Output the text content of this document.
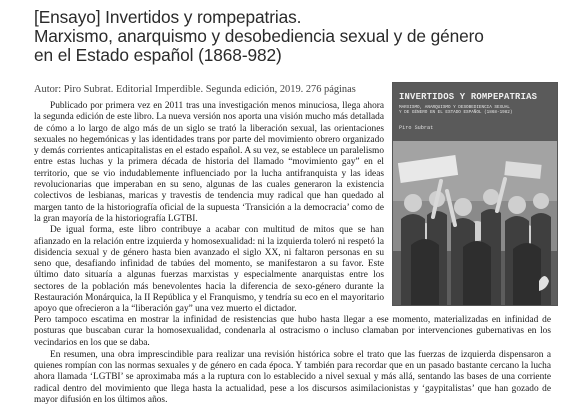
[Ensayo] Invertidos y rompepatrias.
Marxismo, anarquismo y desobediencia sexual y de género
en el Estado español (1868-982)
Autor: Piro Subrat. Editorial Imperdible. Segunda edición, 2019. 276 páginas

Publicado por primera vez en 2011 tras una investigación menos minuciosa, llega ahora la segunda edición de este libro. La nueva versión nos aporta una visión mucho más detallada de cómo a lo largo de algo más de un siglo se trató la liberación sexual, las orientaciones sexuales no hegemónicas y las identidades trans por parte del movimiento obrero organizado y demás corrientes anticapitalistas en el estado español. A su vez, se establece un paralelismo entre estas luchas y la primera década de historia del llamado “movimiento gay” en el territorio, que se vio indudablemente influenciado por la lucha antifranquista y las ideas revolucionarias que imperaban en su seno, algunas de las cuales generaron la existencia colectivos de lesbianas, maricas y travestis de tendencia muy radical que han quedado al margen tanto de la historiografía oficial de la supuesta ‘Transición a la democracia’ como de la gran mayoría de la historiografía LGTBI.

De igual forma, este libro contribuye a acabar con multitud de mitos que se han afianzado en la relación entre izquierda y homosexualidad: ni la izquierda toleró ni respetó la disidencia sexual y de género hasta bien avanzado el siglo XX, ni faltaron personas en su seno que, desafiando infinidad de tabúes del momento, se manifestaron a su favor. Este último dato situaría a algunas fuerzas marxistas y especialmente anarquistas entre los sectores de la población más benevolentes hacia la diferencia de sexo-género durante la Restauración Monárquica, la II República y el Franquismo, y tendría su eco en el mayoritario apoyo que ofrecieron a la “liberación gay” una vez muerto el dictador.

INVERTIDOS Y ROMPEPATRIAS
MARXISMO, ANARQUISMO Y DESOBEDIENCIA SEXUAL
Y DE GÉNERO EN EL ESTADO ESPAÑOL (1868-1982)
Piro Subrat

Pero tampoco escatima en mostrar la infinidad de resistencias que hubo hasta llegar a ese momento, materializadas en infinidad de posturas que buscaban curar la homosexualidad, condenarla al ostracismo o incluso clamaban por intervenciones gubernativas en los vecindarios en los que se daba.

En resumen, una obra imprescindible para realizar una revisión histórica sobre el trato que las fuerzas de izquierda dispensaron a quienes rompían con las normas sexuales y de género en cada época. Y también para recordar que en un pasado bastante cercano la lucha ahora llamada ‘LGTBI’ se aproximaba más a la ruptura con lo establecido a nivel sexual y más allá, sentando las bases de una corriente radical dentro del movimiento que llega hasta la actualidad, pese a los discursos asimilacionistas y ‘gaypitalistas’ que han gozado de mayor difusión en los últimos años.
